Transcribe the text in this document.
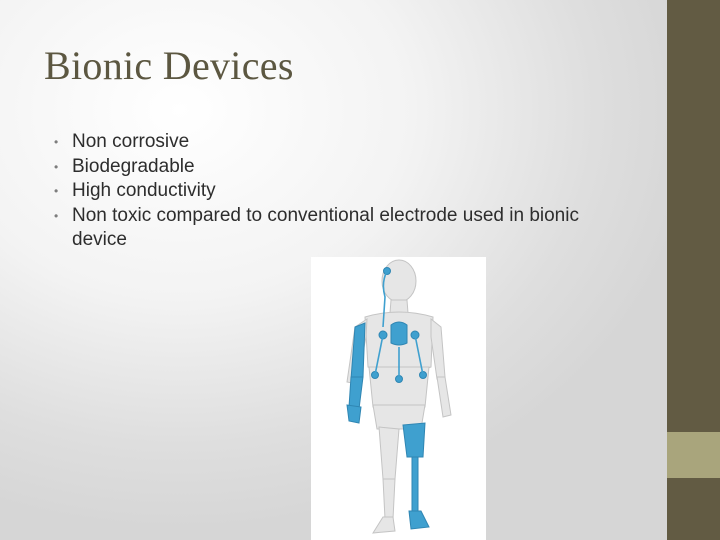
Bionic Devices
• Non corrosive
• Biodegradable
• High conductivity
• Non toxic compared to conventional electrode used in bionic device
